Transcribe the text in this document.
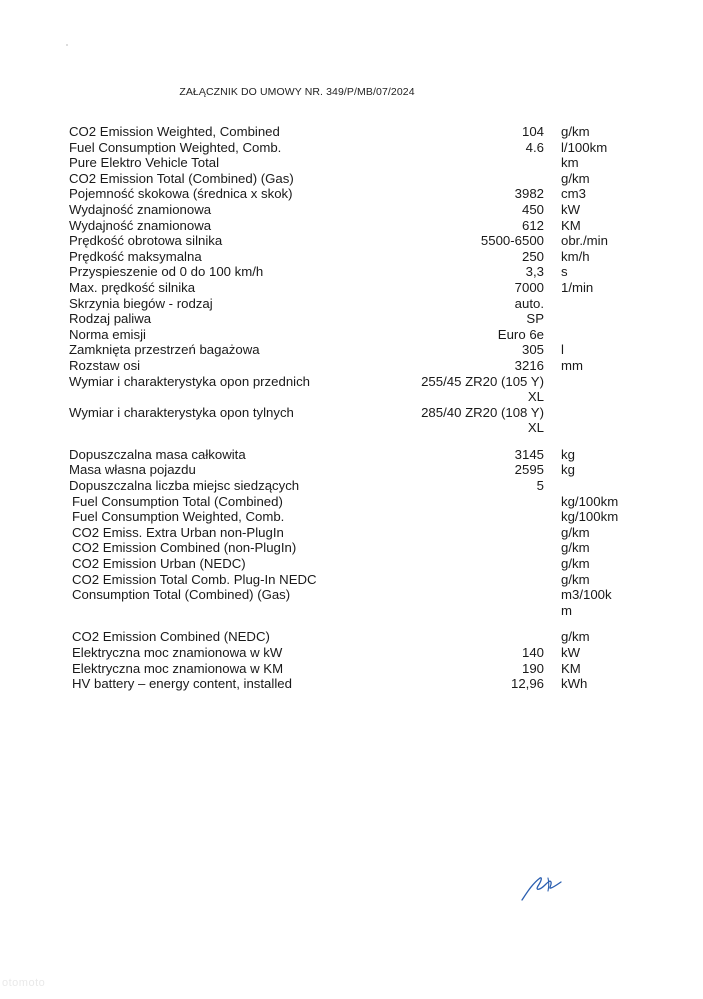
ZAŁĄCZNIK DO UMOWY NR. 349/P/MB/07/2024
CO2 Emission Weighted, Combined	104 g/km
Fuel Consumption Weighted, Comb.	4.6 l/100km
Pure Elektro Vehicle Total	km
CO2 Emission Total (Combined) (Gas)	g/km
Pojemność skokowa (średnica x skok)	3982 cm3
Wydajność znamionowa	450 kW
Wydajność znamionowa	612 KM
Prędkość obrotowa silnika	5500-6500 obr./min
Prędkość maksymalna	250 km/h
Przyspieszenie od 0 do 100 km/h	3,3 s
Max. prędkość silnika	7000 1/min
Skrzynia biegów - rodzaj	auto.
Rodzaj paliwa	SP
Norma emisji	Euro 6e
Zamknięta przestrzeń bagażowa	305 l
Rozstaw osi	3216 mm
Wymiar i charakterystyka opon przednich	255/45 ZR20 (105 Y)
XL
Wymiar i charakterystyka opon tylnych	285/40 ZR20 (108 Y)
XL
Dopuszczalna masa całkowita	3145 kg
Masa własna pojazdu	2595 kg
Dopuszczalna liczba miejsc siedzących	5
Fuel Consumption Total (Combined)	kg/100km
Fuel Consumption Weighted, Comb.	kg/100km
CO2 Emiss. Extra Urban non-PlugIn	g/km
CO2 Emission Combined (non-PlugIn)	g/km
CO2 Emission Urban (NEDC)	g/km
CO2 Emission Total Comb. Plug-In NEDC	g/km
Consumption Total (Combined) (Gas)	m3/100k
m
CO2 Emission Combined (NEDC)	g/km
Elektryczna moc znamionowa w kW	140 kW
Elektryczna moc znamionowa w KM	190 KM
HV battery – energy content, installed	12,96 kWh
otomoto
